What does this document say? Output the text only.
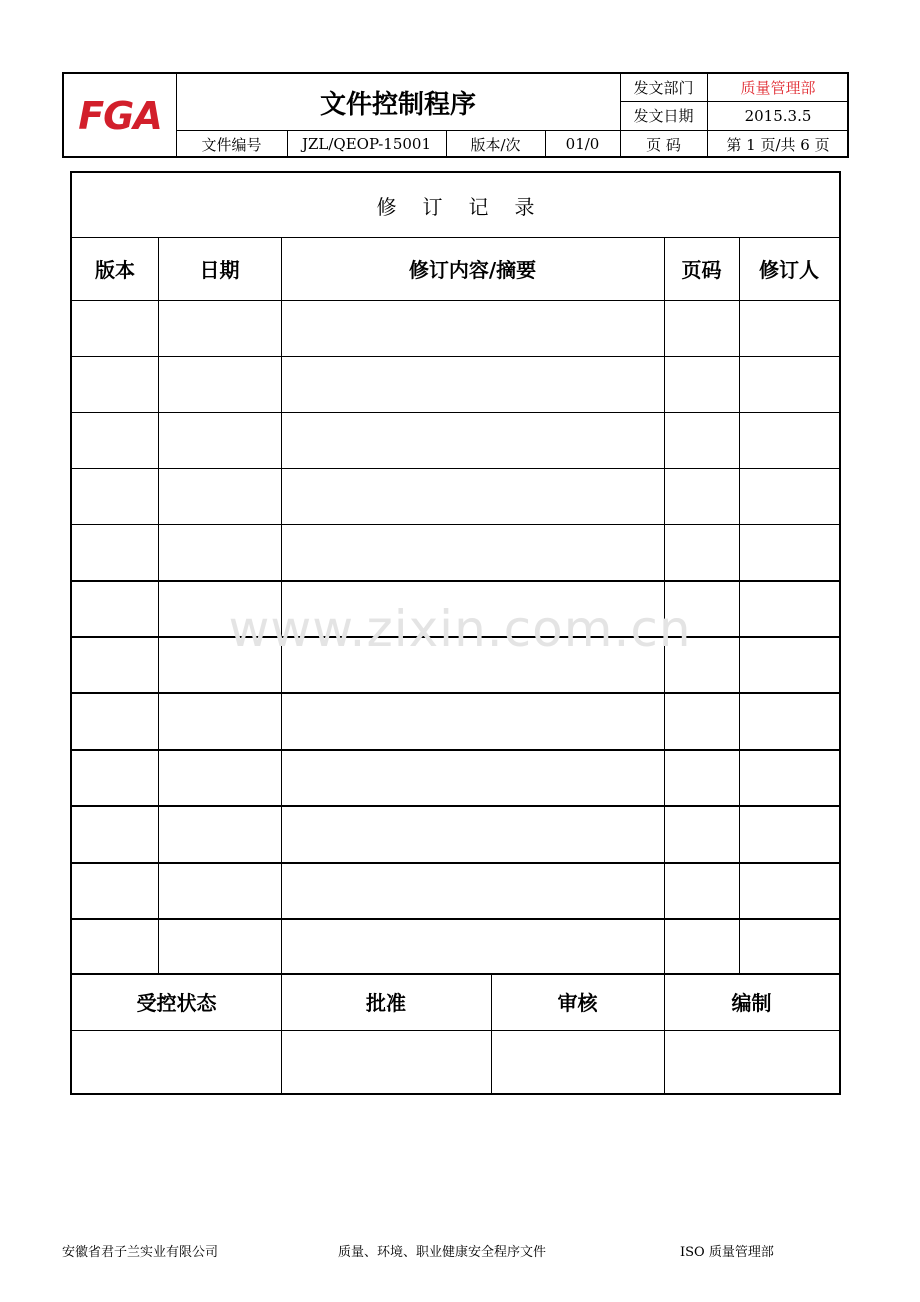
FGA	文件控制程序
发文部门	质量管理部
发文日期	2015.3.5
文件编号	JZL/QEOP-15001	版本/次	01/0	页 码	第 1 页/共 6 页
修订记录
版本	日期	修订内容/摘要	页码	修订人
受控状态	批准	审核	编制
www.zixin.com.cn
安徽省君子兰实业有限公司	质量、环境、职业健康安全程序文件	ISO 质量管理部
